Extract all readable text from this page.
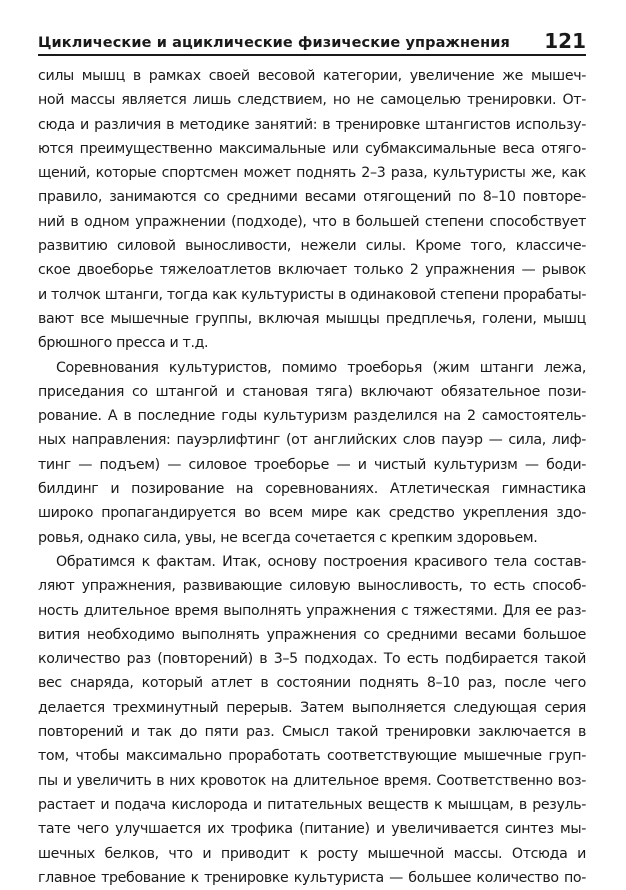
Циклические и ациклические физические упражнения 121

силы мышц в рамках своей весовой категории, увеличение же мышеч-
ной массы является лишь следствием, но не самоцелью тренировки. От-
сюда и различия в методике занятий: в тренировке штангистов использу-
ются преимущественно максимальные или субмаксимальные веса отягo-
щений, которые спортсмен может поднять 2–3 раза, культуристы же, как
правило, занимаются со средними весами отягощений по 8–10 повторе-
ний в одном упражнении (подходе), что в большей степени способствует
развитию силовой выносливости, нежели силы. Кроме того, классиче-
ское двоеборье тяжелоатлетов включает только 2 упражнения — рывок
и толчок штанги, тогда как культуристы в одинаковой степени прорабаты-
вают все мышечные группы, включая мышцы предплечья, голени, мышц
брюшного пресса и т.д.

Соревнования культуристов, помимо троеборья (жим штанги лежа,
приседания со штангой и становая тяга) включают обязательное пози-
рование. А в последние годы культуризм разделился на 2 самостоятель-
ных направления: пауэрлифтинг (от английских слов пауэр — сила, лиф-
тинг — подъем) — силовое троеборье — и чистый культуризм — боди-
билдинг и позирование на соревнованиях. Атлетическая гимнастика
широко пропагандируется во всем мире как средство укрепления здо-
ровья, однако сила, увы, не всегда сочетается с крепким здоровьем.

Обратимся к фактам. Итак, основу построения красивого тела состав-
ляют упражнения, развивающие силовую выносливость, то есть способ-
ность длительное время выполнять упражнения с тяжестями. Для ее раз-
вития необходимо выполнять упражнения со средними весами большое
количество раз (повторений) в 3–5 подходах. То есть подбирается такой
вес снаряда, который атлет в состоянии поднять 8–10 раз, после чего
делается трехминутный перерыв. Затем выполняется следующая серия
повторений и так до пяти раз. Смысл такой тренировки заключается в
том, чтобы максимально проработать соответствующие мышечные груп-
пы и увеличить в них кровоток на длительное время. Соответственно воз-
растает и подача кислорода и питательных веществ к мышцам, в резуль-
тате чего улучшается их трофика (питание) и увеличивается синтез мы-
шечных белков, что и приводит к росту мышечной массы. Отсюда и
главное требование к тренировке культуриста — большее количество по-
